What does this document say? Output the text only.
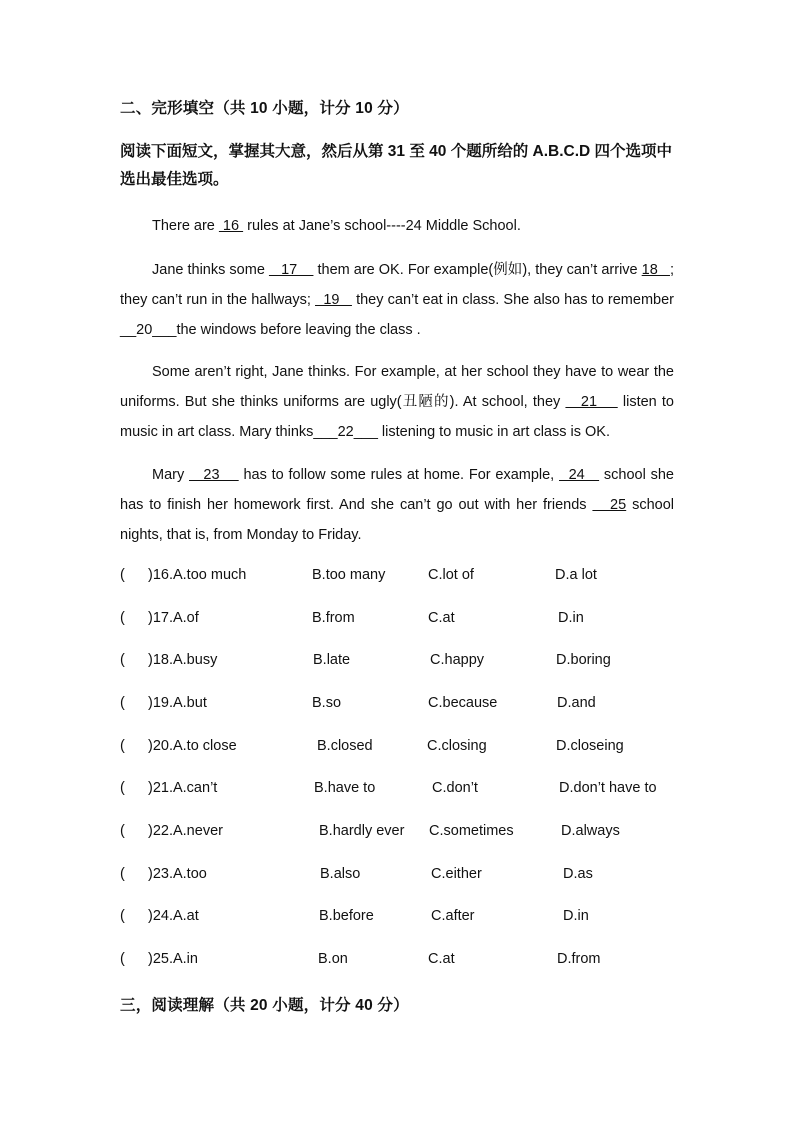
二、完形填空（共 10 小题，计分 10 分）
阅读下面短文，掌握其大意，然后从第 31 至 40 个题所给的 A.B.C.D 四个选项中选出最佳选项。
There are  16  rules at Jane’s school----24 Middle School.
Jane thinks some    17     them are OK. For example(例如), they can’t arrive 18   ; they can’t run in the hallways;   19    they can’t eat in class. She also has to remember __20___the windows before leaving the class .
Some aren’t right, Jane thinks. For example, at her school they have to wear the uniforms. But she thinks uniforms are ugly(丑陋的). At school, they    21     listen to music in art class. Mary thinks___22___ listening to music in art class is OK.
Mary    23     has to follow some rules at home. For example,   24    school she has to finish her homework first. And she can’t go out with her friends    25 school nights, that is, from Monday to Friday.
( )16.A.too much	B.too many	C.lot of	D.a lot
( )17.A.of	B.from	C.at	D.in
( )18.A.busy	B.late	C.happy	D.boring
( )19.A.but	B.so	C.because	D.and
( )20.A.to close	B.closed	C.closing	D.closeing
( )21.A.can’t	B.have to	C.don’t	D.don’t have to
( )22.A.never	B.hardly ever C.sometimes	D.always
( )23.A.too	B.also	C.either	D.as
( )24.A.at	B.before	C.after	D.in
( )25.A.in	B.on	C.at	D.from
三，阅读理解（共 20 小题，计分 40 分）
